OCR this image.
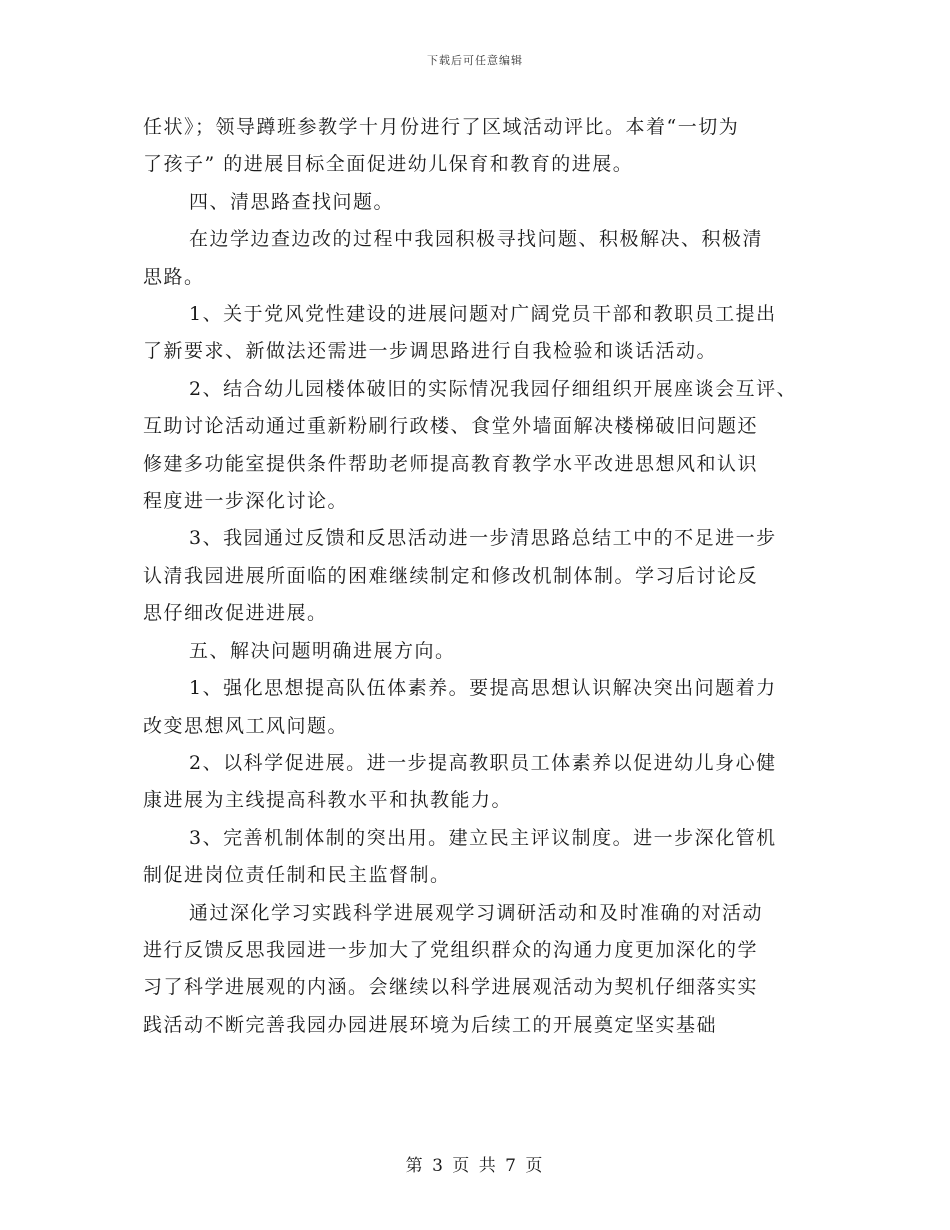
下载后可任意编辑

任状》；领导蹲班参教学十月份进行了区域活动评比。本着“一切为
了孩子” 的进展目标全面促进幼儿保育和教育的进展。

四、清思路查找问题。

在边学边查边改的过程中我园积极寻找问题、积极解决、积极清
思路。

1、关于党风党性建设的进展问题对广阔党员干部和教职员工提出
了新要求、新做法还需进一步调思路进行自我检验和谈话活动。

2、结合幼儿园楼体破旧的实际情况我园仔细组织开展座谈会互评、
互助讨论活动通过重新粉刷行政楼、食堂外墙面解决楼梯破旧问题还
修建多功能室提供条件帮助老师提高教育教学水平改进思想风和认识
程度进一步深化讨论。

3、我园通过反馈和反思活动进一步清思路总结工中的不足进一步
认清我园进展所面临的困难继续制定和修改机制体制。学习后讨论反
思仔细改促进进展。

五、解决问题明确进展方向。

1、强化思想提高队伍体素养。要提高思想认识解决突出问题着力
改变思想风工风问题。

2、以科学促进展。进一步提高教职员工体素养以促进幼儿身心健
康进展为主线提高科教水平和执教能力。

3、完善机制体制的突出用。建立民主评议制度。进一步深化管机
制促进岗位责任制和民主监督制。

通过深化学习实践科学进展观学习调研活动和及时准确的对活动
进行反馈反思我园进一步加大了党组织群众的沟通力度更加深化的学
习了科学进展观的内涵。会继续以科学进展观活动为契机仔细落实实
践活动不断完善我园办园进展环境为后续工的开展奠定坚实基础

第 3 页 共 7 页
